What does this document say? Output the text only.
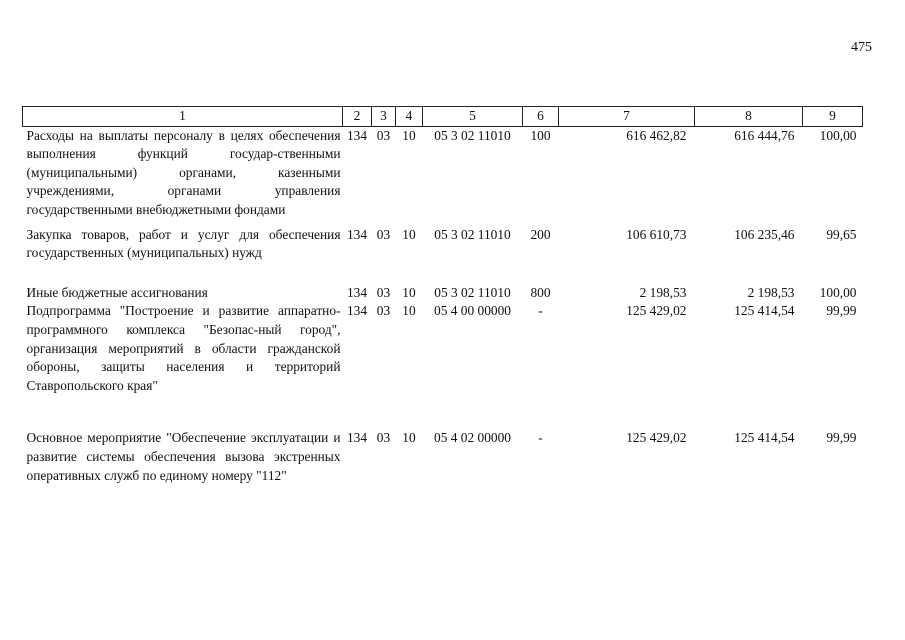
475
1	2	3	4	5	6	7	8	9
Расходы на выплаты персоналу в целях обеспечения выполнения функций государ-ственными (муниципальными) органами, казенными учреждениями, органами управления государственными внебюджетными фондами	134	03	10	05 3 02 11010	100	616 462,82	616 444,76	100,00

Закупка товаров, работ и услуг для обеспечения государственных (муниципальных) нужд	134	03	10	05 3 02 11010	200	106 610,73	106 235,46	99,65

Иные бюджетные ассигнования	134	03	10	05 3 02 11010	800	2 198,53	2 198,53	100,00
Подпрограмма "Построение и развитие аппаратно-программного комплекса "Безопас-ный город", организация мероприятий в области гражданской обороны, защиты населения и территорий Ставропольского края"	134	03	10	05 4 00 00000	-	125 429,02	125 414,54	99,99

Основное мероприятие "Обеспечение эксплуатации и развитие системы обеспечения вызова экстренных оперативных служб по единому номеру "112"	134	03	10	05 4 02 00000	-	125 429,02	125 414,54	99,99
